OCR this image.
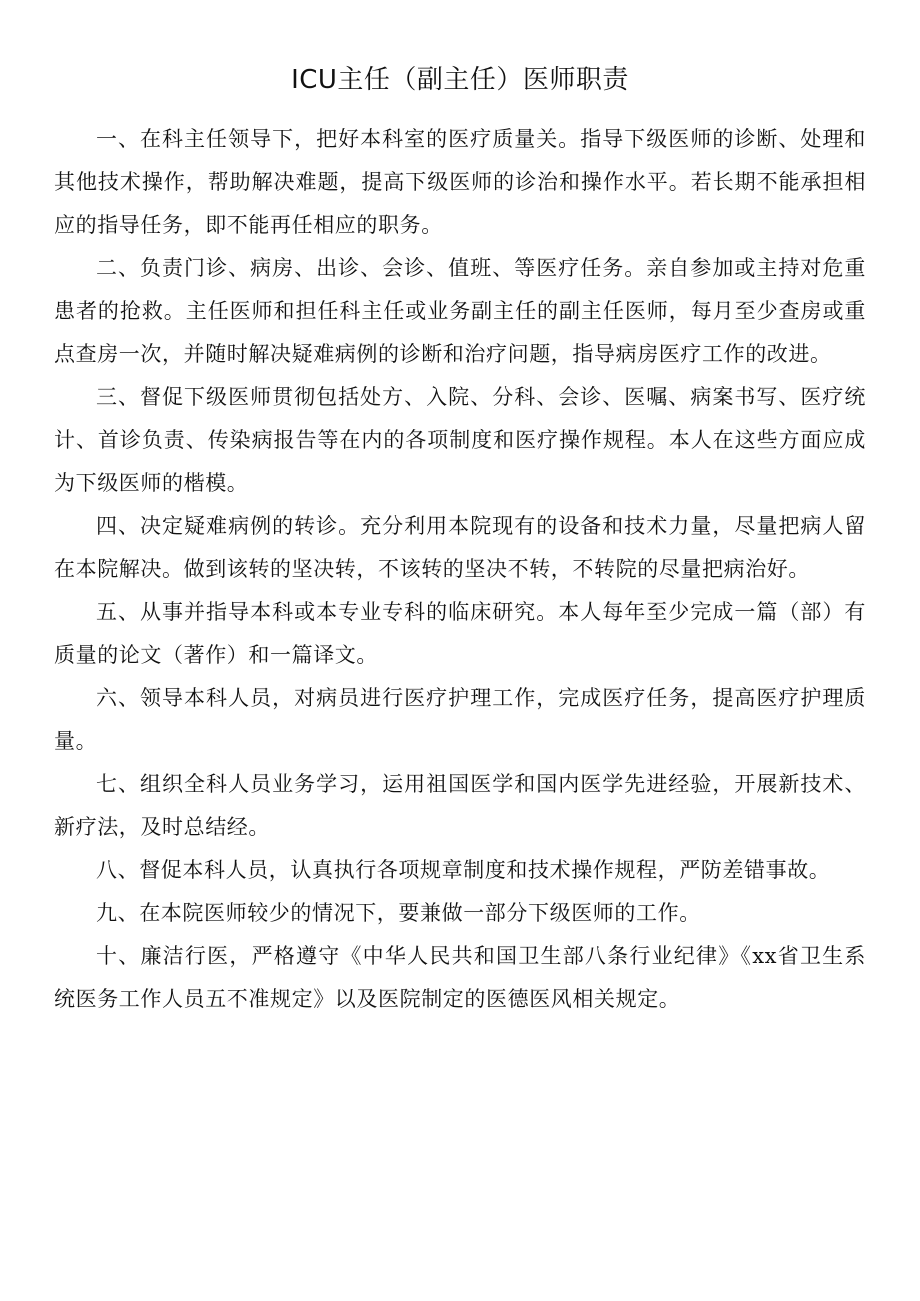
ICU主任（副主任）医师职责

一、在科主任领导下，把好本科室的医疗质量关。指导下级医师的诊断、处理和其他技术操作，帮助解决难题，提高下级医师的诊治和操作水平。若长期不能承担相应的指导任务，即不能再任相应的职务。

二、负责门诊、病房、出诊、会诊、值班、等医疗任务。亲自参加或主持对危重患者的抢救。主任医师和担任科主任或业务副主任的副主任医师，每月至少查房或重点查房一次，并随时解决疑难病例的诊断和治疗问题，指导病房医疗工作的改进。

三、督促下级医师贯彻包括处方、入院、分科、会诊、医嘱、病案书写、医疗统计、首诊负责、传染病报告等在内的各项制度和医疗操作规程。本人在这些方面应成为下级医师的楷模。

四、决定疑难病例的转诊。充分利用本院现有的设备和技术力量，尽量把病人留在本院解决。做到该转的坚决转，不该转的坚决不转，不转院的尽量把病治好。

五、从事并指导本科或本专业专科的临床研究。本人每年至少完成一篇（部）有质量的论文（著作）和一篇译文。

六、领导本科人员，对病员进行医疗护理工作，完成医疗任务，提高医疗护理质量。

七、组织全科人员业务学习，运用祖国医学和国内医学先进经验，开展新技术、新疗法，及时总结经。

八、督促本科人员，认真执行各项规章制度和技术操作规程，严防差错事故。

九、在本院医师较少的情况下，要兼做一部分下级医师的工作。

十、廉洁行医，严格遵守《中华人民共和国卫生部八条行业纪律》《xx省卫生系统医务工作人员五不准规定》以及医院制定的医德医风相关规定。
